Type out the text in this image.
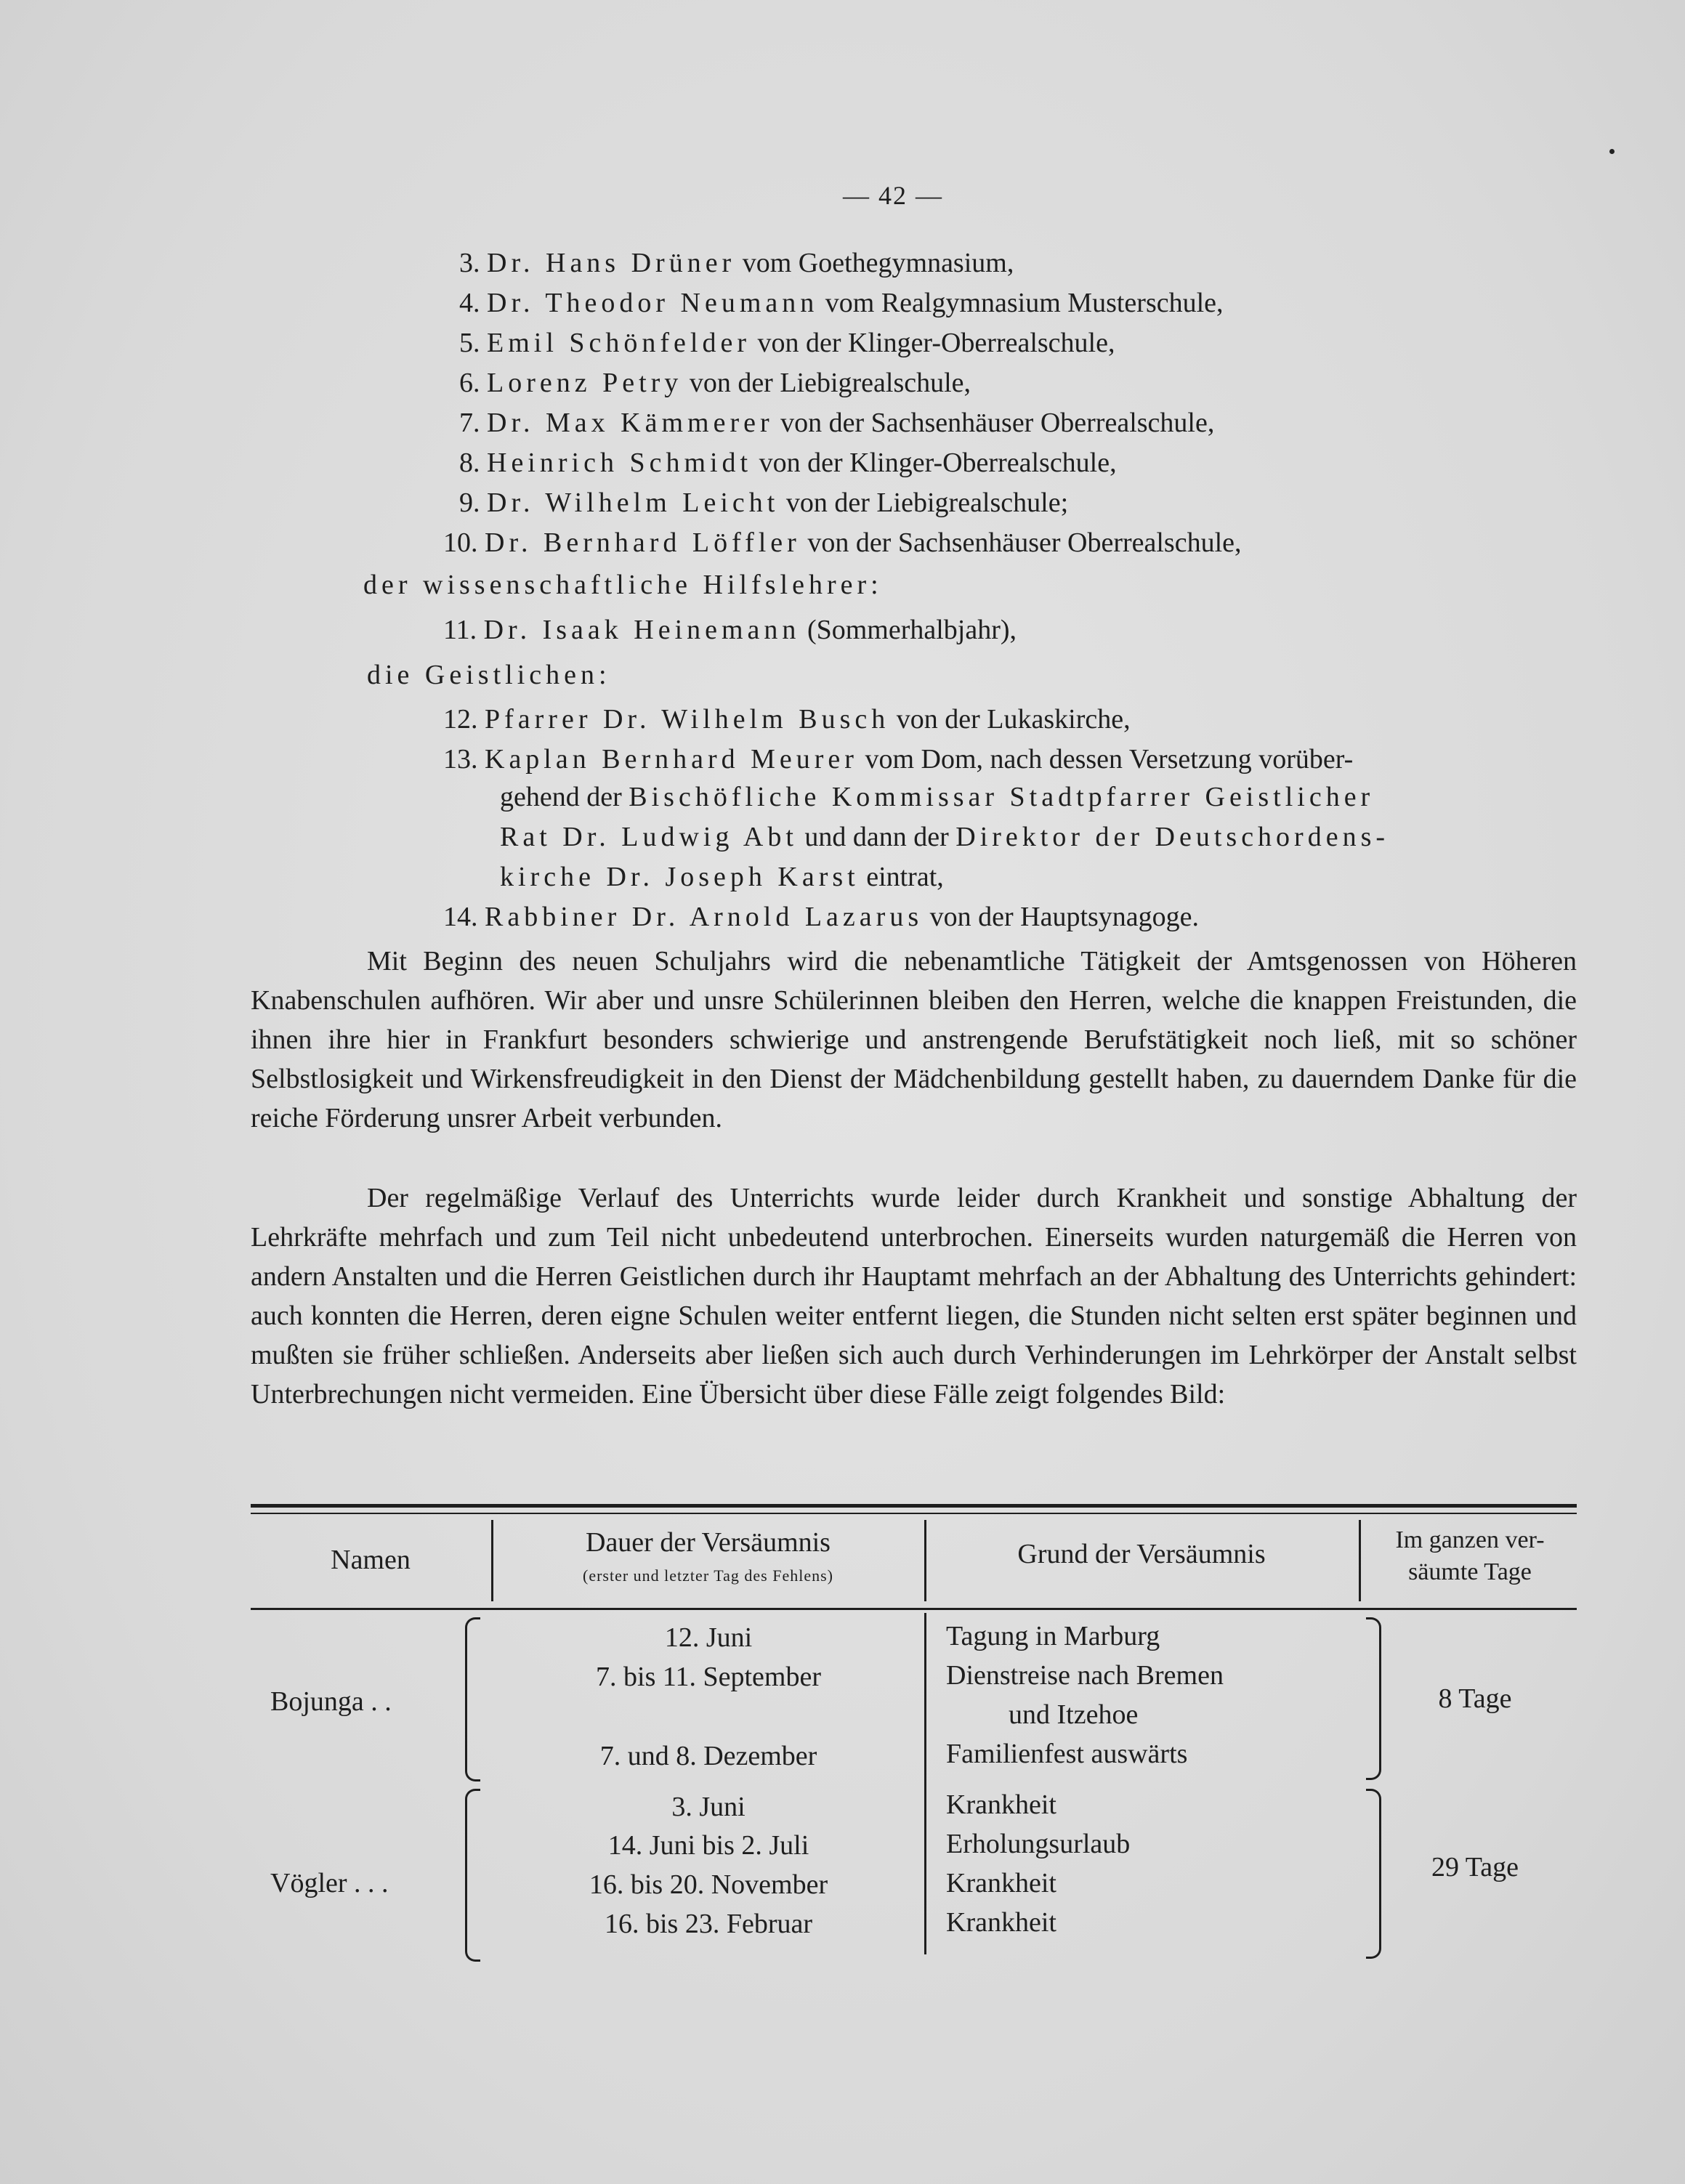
— 42 —
3. Dr. Hans Drüner vom Goethegymnasium,
4. Dr. Theodor Neumann vom Realgymnasium Musterschule,
5. Emil Schönfelder von der Klinger-Oberrealschule,
6. Lorenz Petry von der Liebigrealschule,
7. Dr. Max Kämmerer von der Sachsenhäuser Oberrealschule,
8. Heinrich Schmidt von der Klinger-Oberrealschule,
9. Dr. Wilhelm Leicht von der Liebigrealschule;
10. Dr. Bernhard Löffler von der Sachsenhäuser Oberrealschule,
der wissenschaftliche Hilfslehrer:
11. Dr. Isaak Heinemann (Sommerhalbjahr),
die Geistlichen:
12. Pfarrer Dr. Wilhelm Busch von der Lukaskirche,
13. Kaplan Bernhard Meurer vom Dom, nach dessen Versetzung vorüber-
gehend der Bischöfliche Kommissar Stadtpfarrer Geistlicher
Rat Dr. Ludwig Abt und dann der Direktor der Deutschordens-
kirche Dr. Joseph Karst eintrat,
14. Rabbiner Dr. Arnold Lazarus von der Hauptsynagoge.

Mit Beginn des neuen Schuljahrs wird die nebenamtliche Tätigkeit der Amtsgenossen von Höheren Knabenschulen aufhören. Wir aber und unsre Schülerinnen bleiben den Herren, welche die knappen Freistunden, die ihnen ihre hier in Frankfurt besonders schwierige und anstrengende Berufstätigkeit noch ließ, mit so schöner Selbstlosigkeit und Wirkensfreudigkeit in den Dienst der Mädchenbildung gestellt haben, zu dauerndem Danke für die reiche Förderung unsrer Arbeit verbunden.

Der regelmäßige Verlauf des Unterrichts wurde leider durch Krankheit und sonstige Abhaltung der Lehrkräfte mehrfach und zum Teil nicht unbedeutend unterbrochen. Einerseits wurden naturgemäß die Herren von andern Anstalten und die Herren Geistlichen durch ihr Hauptamt mehrfach an der Abhaltung des Unterrichts gehindert: auch konnten die Herren, deren eigne Schulen weiter entfernt liegen, die Stunden nicht selten erst später beginnen und mußten sie früher schließen. Anderseits aber ließen sich auch durch Verhinderungen im Lehrkörper der Anstalt selbst Unterbrechungen nicht vermeiden. Eine Übersicht über diese Fälle zeigt folgendes Bild:

Namen
Dauer der Versäumnis
(erster und letzter Tag des Fehlens)
Grund der Versäumnis	Im ganzen ver-
säumte Tage
Bojunga . .
12. Juni
7. bis 11. September
7. und 8. Dezember
Tagung in Marburg
Dienstreise nach Bremen
und Itzehoe
Familienfest auswärts
8 Tage
Vögler . . .
3. Juni
14. Juni bis 2. Juli
16. bis 20. November
16. bis 23. Februar
Krankheit
Erholungsurlaub
Krankheit
Krankheit
29 Tage
